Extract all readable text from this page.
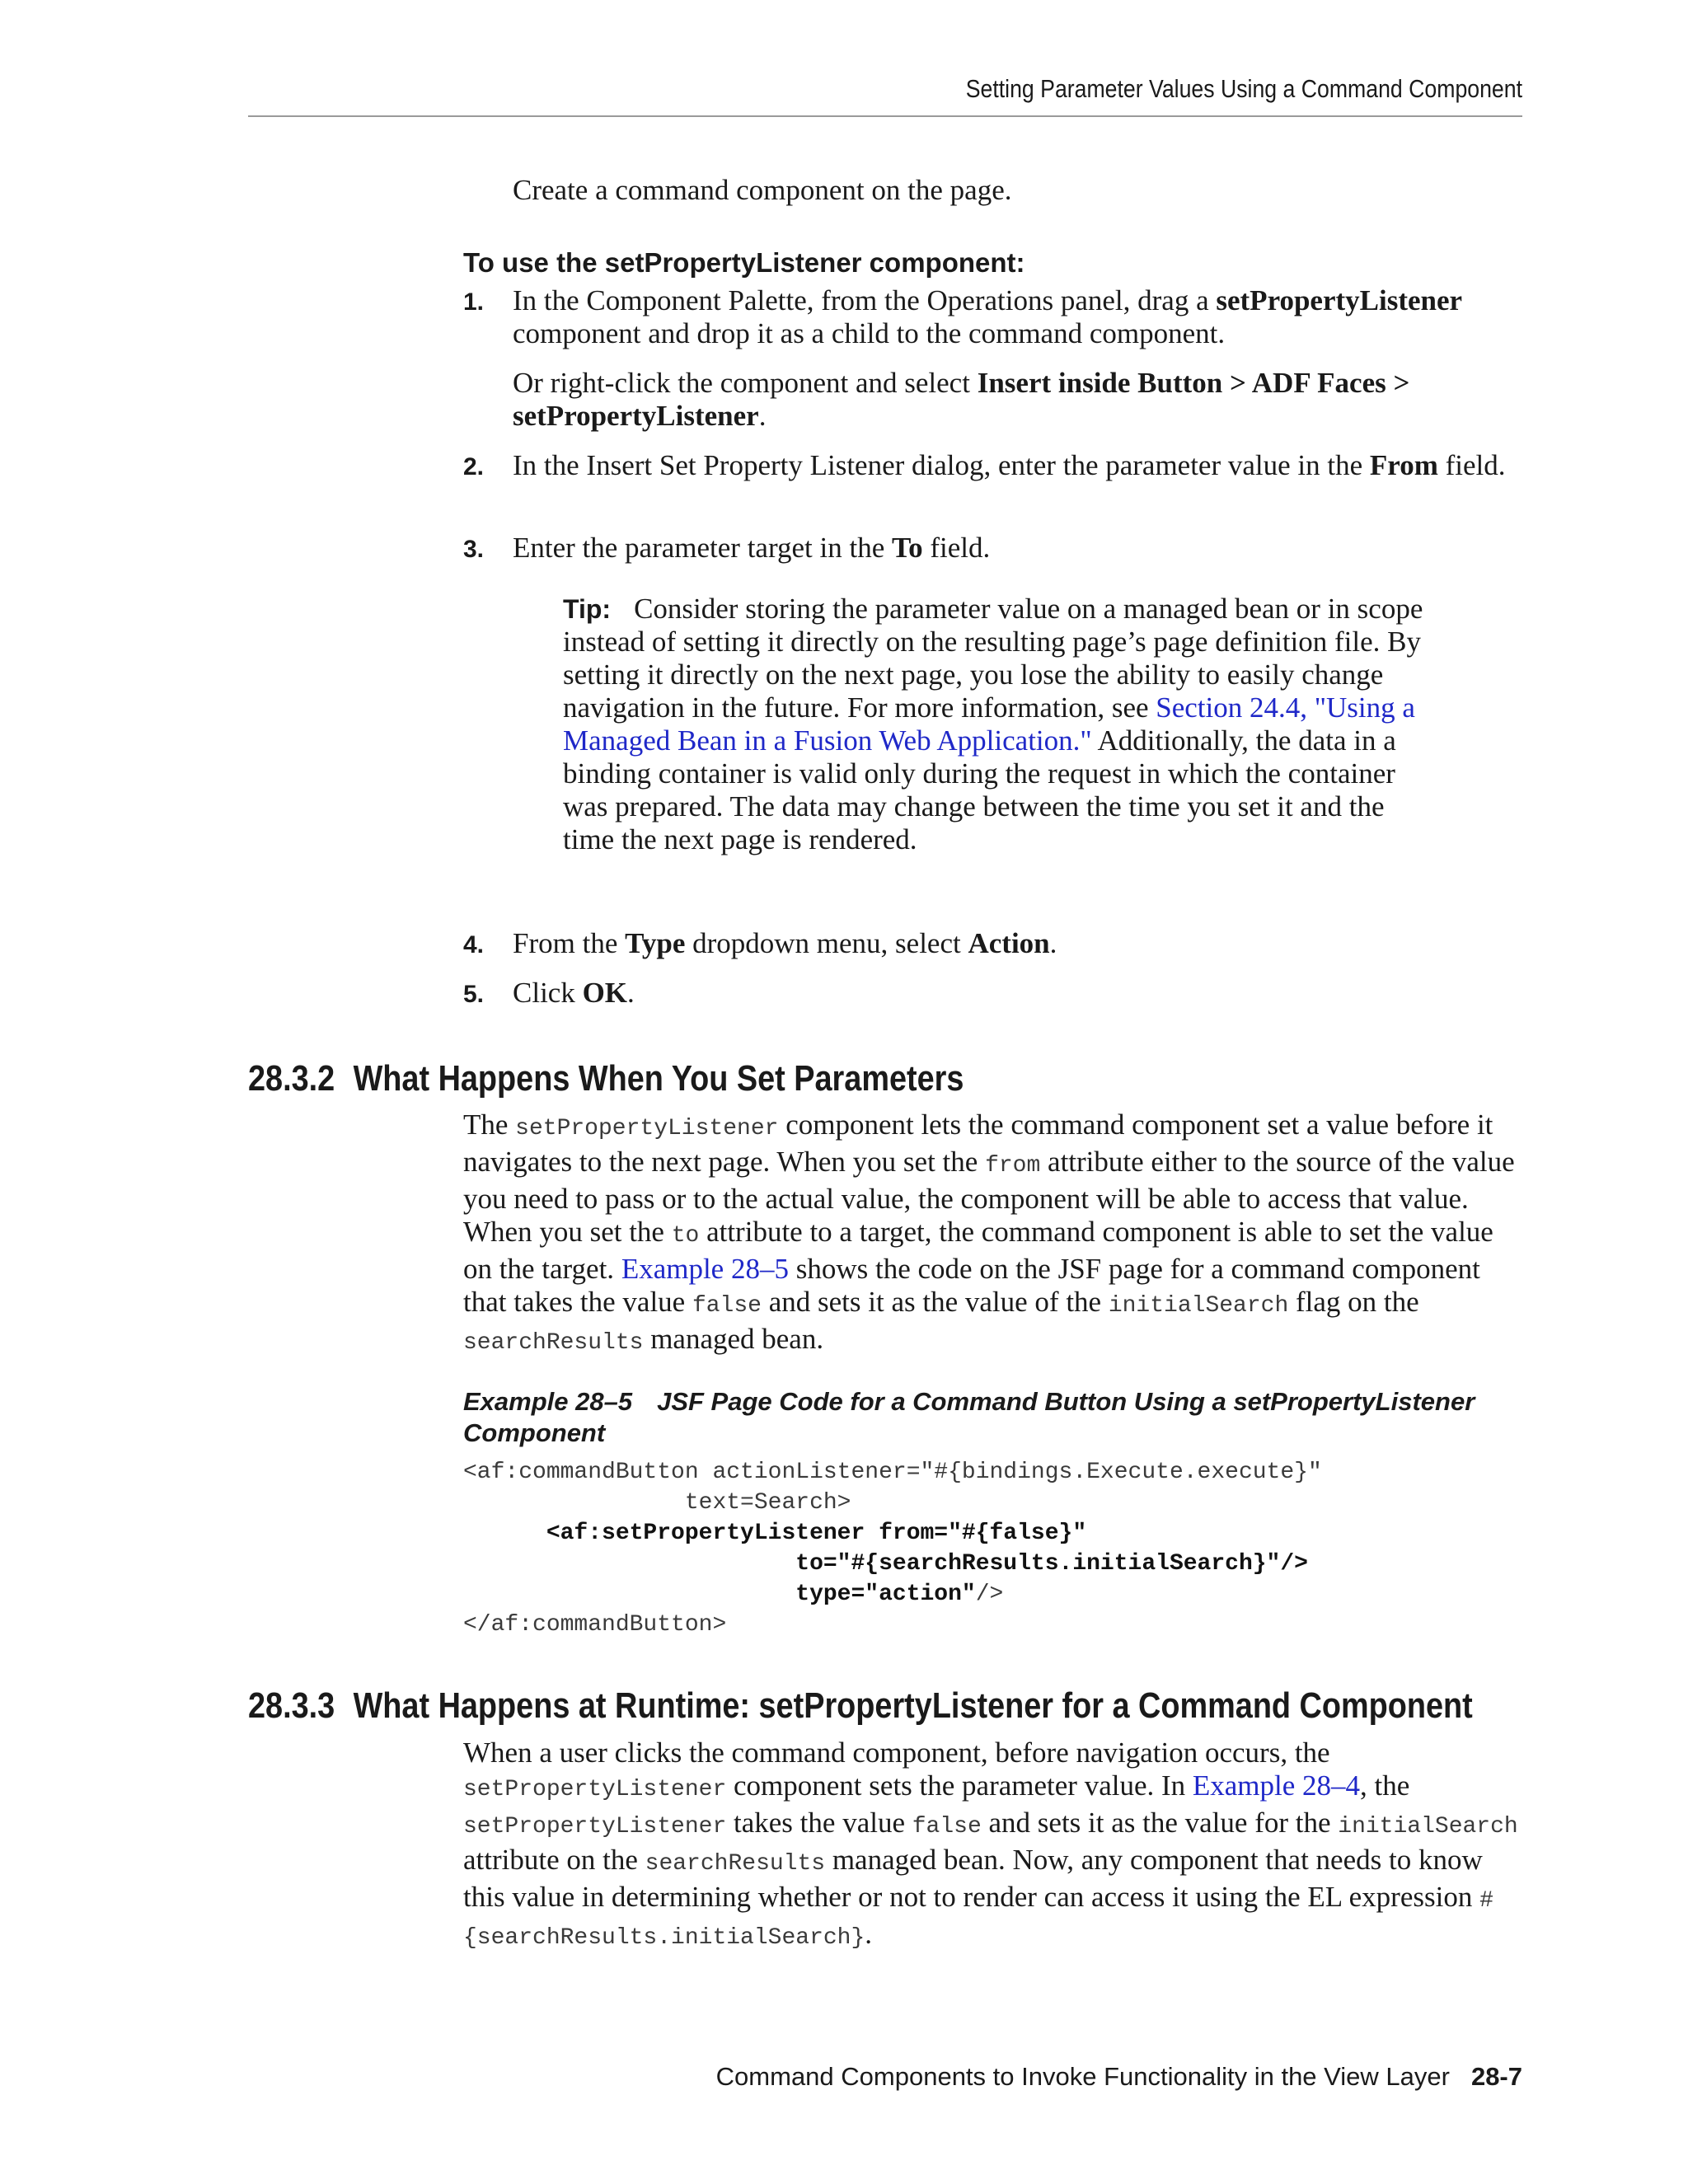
Setting Parameter Values Using a Command Component
Create a command component on the page.
To use the setPropertyListener component:
1. In the Component Palette, from the Operations panel, drag a setPropertyListener component and drop it as a child to the command component.
Or right-click the component and select Insert inside Button > ADF Faces > setPropertyListener.
2. In the Insert Set Property Listener dialog, enter the parameter value in the From field.
3. Enter the parameter target in the To field.
Tip: Consider storing the parameter value on a managed bean or in scope instead of setting it directly on the resulting page’s page definition file. By setting it directly on the next page, you lose the ability to easily change navigation in the future. For more information, see Section 24.4, "Using a Managed Bean in a Fusion Web Application." Additionally, the data in a binding container is valid only during the request in which the container was prepared. The data may change between the time you set it and the time the next page is rendered.
4. From the Type dropdown menu, select Action.
5. Click OK.
28.3.2 What Happens When You Set Parameters
The setPropertyListener component lets the command component set a value before it navigates to the next page. When you set the from attribute either to the source of the value you need to pass or to the actual value, the component will be able to access that value. When you set the to attribute to a target, the command component is able to set the value on the target. Example 28–5 shows the code on the JSF page for a command component that takes the value false and sets it as the value of the initialSearch flag on the searchResults managed bean.
Example 28–5 JSF Page Code for a Command Button Using a setPropertyListener Component
<af:commandButton actionListener="#{bindings.Execute.execute}"
text=Search>
<af:setPropertyListener from="#{false}"
to="#{searchResults.initialSearch}"/>
type="action"/>
</af:commandButton>
28.3.3 What Happens at Runtime: setPropertyListener for a Command Component
When a user clicks the command component, before navigation occurs, the setPropertyListener component sets the parameter value. In Example 28–4, the setPropertyListener takes the value false and sets it as the value for the initialSearch attribute on the searchResults managed bean. Now, any component that needs to know this value in determining whether or not to render can access it using the EL expression #{searchResults.initialSearch}.
Command Components to Invoke Functionality in the View Layer 28-7
